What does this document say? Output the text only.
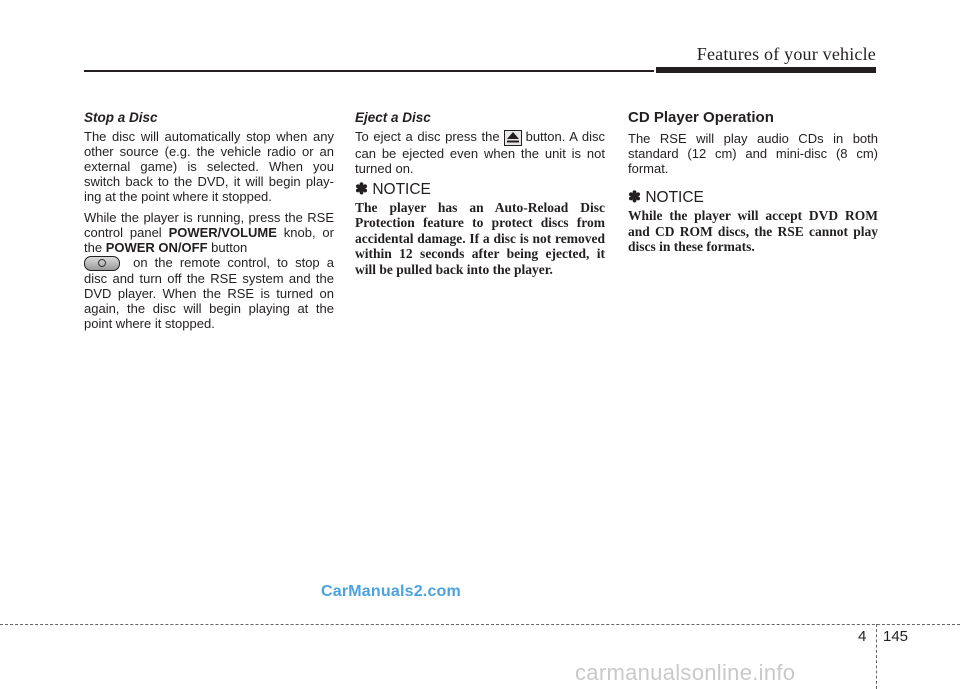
Features of your vehicle
Stop a Disc

The disc will automatically stop when any other source (e.g. the vehicle radio or an external game) is selected. When you switch back to the DVD, it will begin play-ing at the point where it stopped.

While the player is running, press the RSE control panel POWER/VOLUME knob, or the POWER ON/OFF button
on the remote control, to stop a disc and turn off the RSE system and the DVD player. When the RSE is turned on again, the disc will begin playing at the point where it stopped.

Eject a Disc

To eject a disc press the button. A disc can be ejected even when the unit is not turned on.

✽ NOTICE

The player has an Auto-Reload Disc Protection feature to protect discs from accidental damage. If a disc is not removed within 12 seconds after being ejected, it will be pulled back into the player.

CD Player Operation

The RSE will play audio CDs in both standard (12 cm) and mini-disc (8 cm) format.

✽ NOTICE

While the player will accept DVD ROM and CD ROM discs, the RSE cannot play discs in these formats.

CarManuals2.com
4 145
carmanualsonline.info
